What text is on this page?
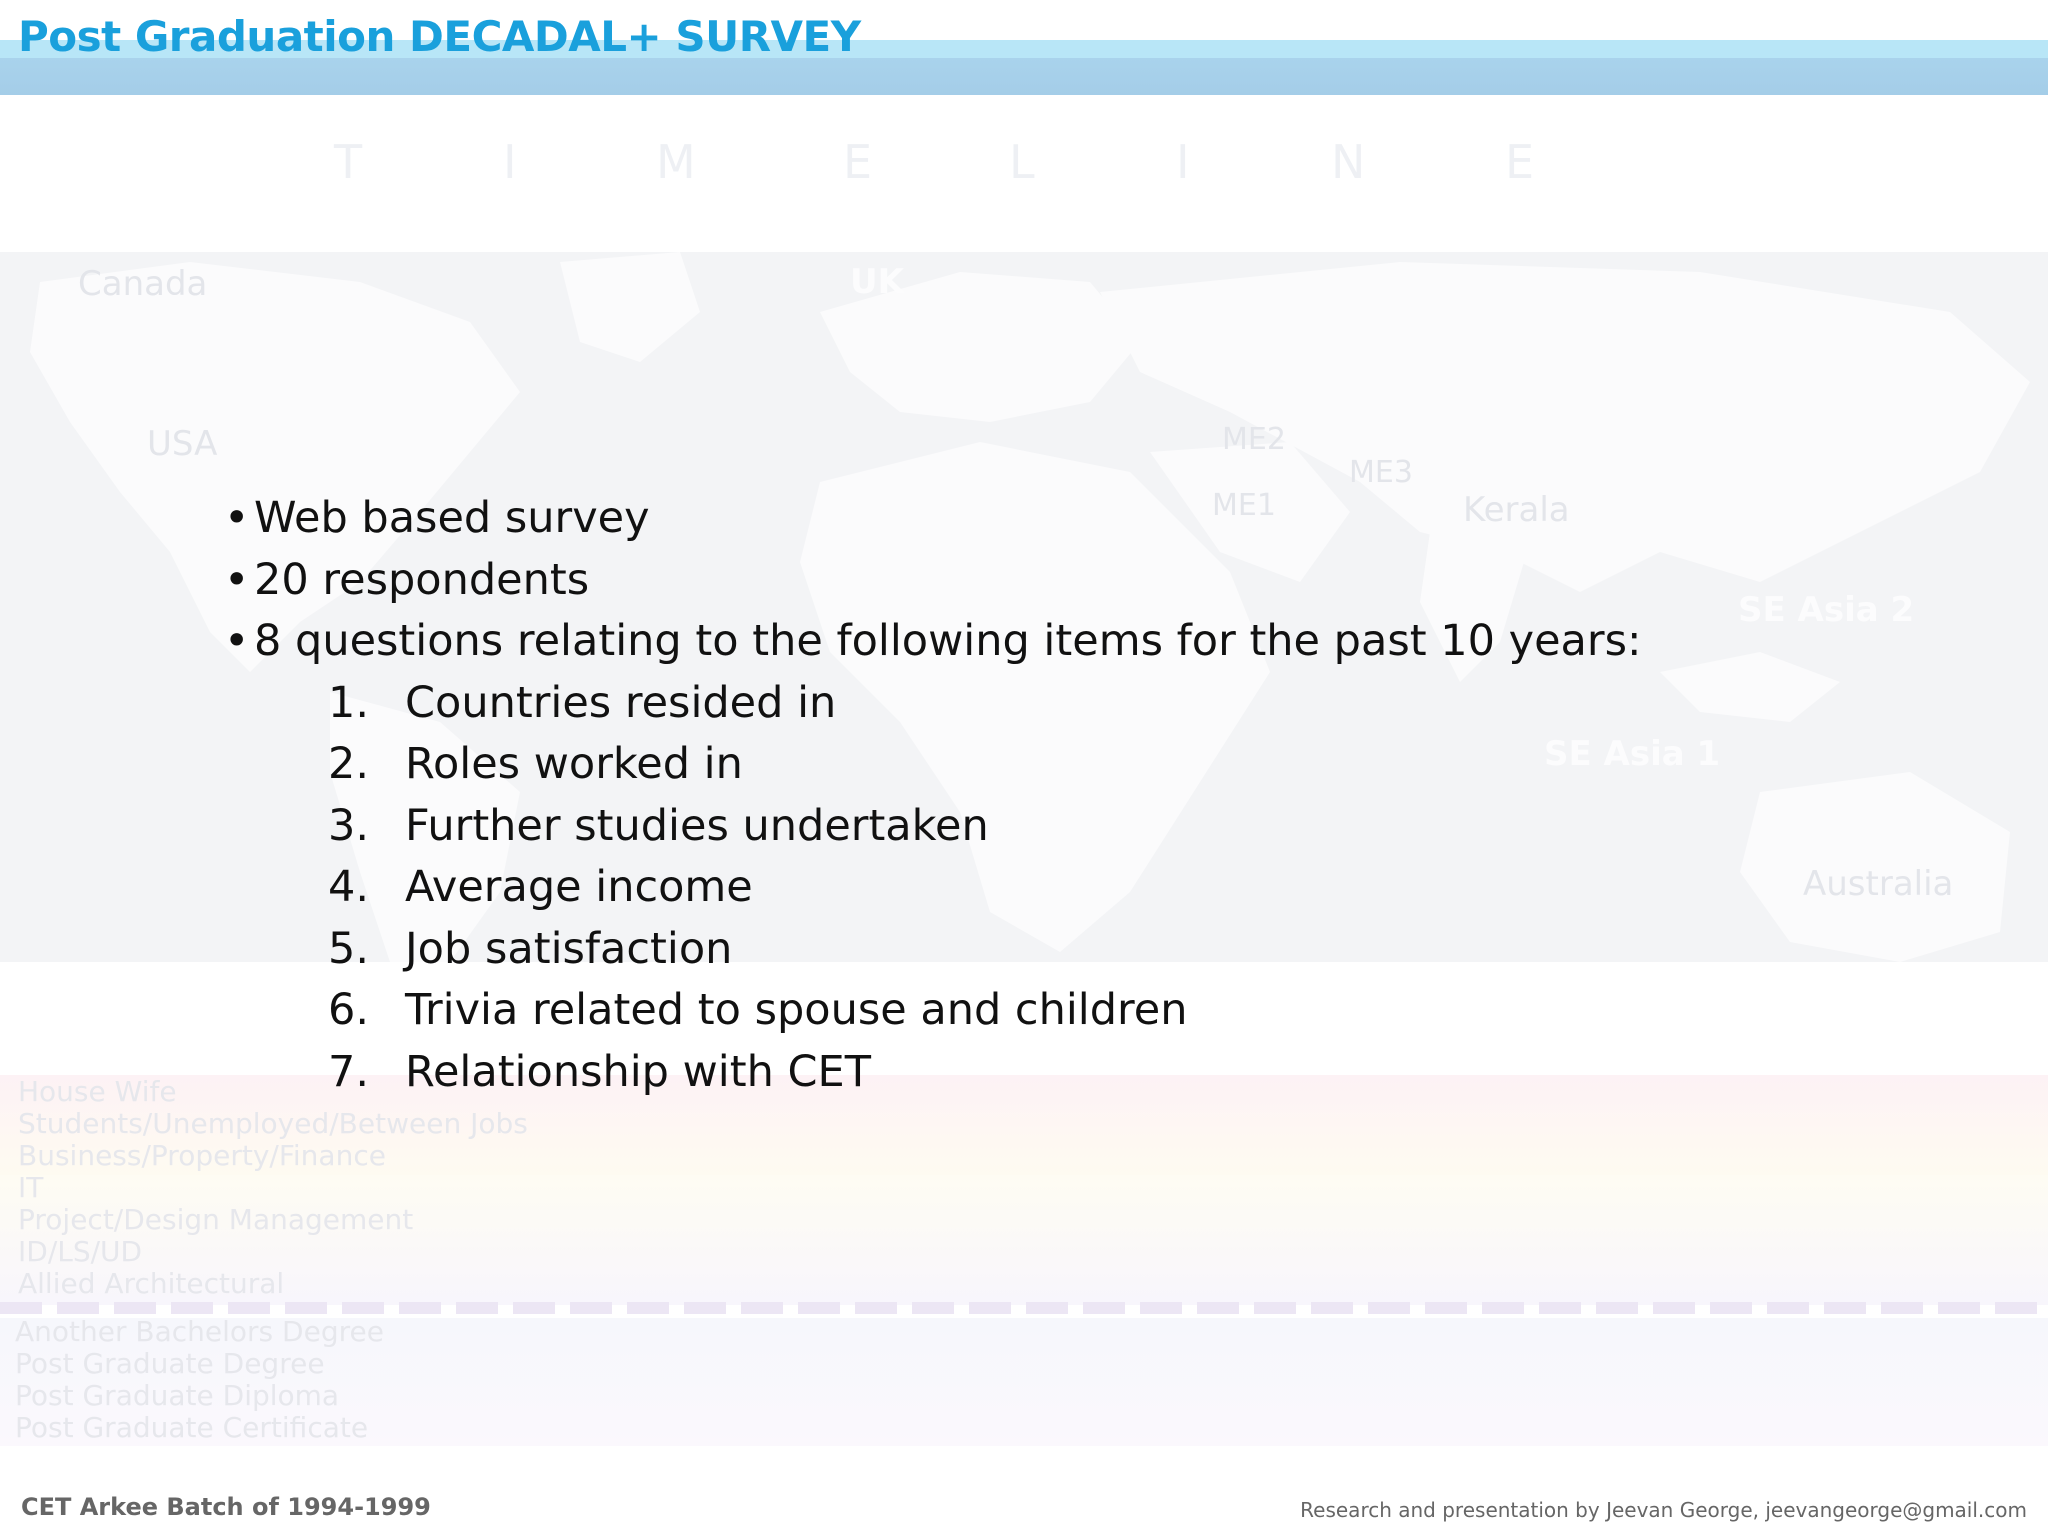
Post Graduation DECADAL+ SURVEY
T	I	M	E	L	I	N	E
Canada	UK
USA	ME2
ME3
ME1	Kerala
SE Asia 2
SE Asia 1
Australia
House Wife
Students/Unemployed/Between Jobs
Business/Property/Finance
IT
Project/Design Management
ID/LS/UD
Allied Architectural
Another Bachelors Degree
Post Graduate Degree
Post Graduate Diploma
Post Graduate Certificate
• Web based survey
• 20 respondents
• 8 questions relating to the following items for the past 10 years:
1. Countries resided in
2. Roles worked in
3. Further studies undertaken
4. Average income
5. Job satisfaction
6. Trivia related to spouse and children
7. Relationship with CET
CET Arkee Batch of 1994-1999	Research and presentation by Jeevan George, jeevangeorge@gmail.com
